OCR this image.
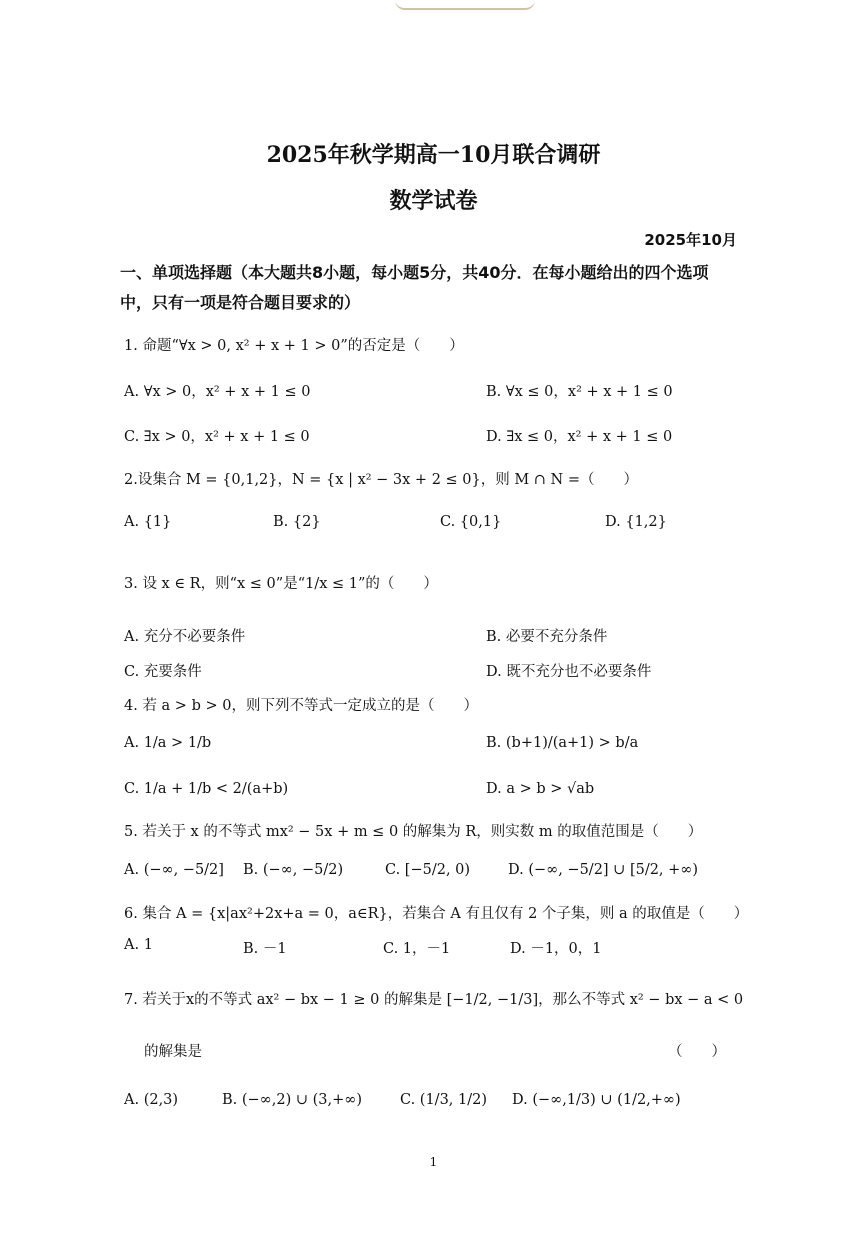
2025年秋学期高一10月联合调研
数学试卷
2025年10月
一、单项选择题（本大题共8小题，每小题5分，共40分．在每小题给出的四个选项中，只有一项是符合题目要求的）
1. 命题“∀x > 0, x² + x + 1 > 0”的否定是（　　）
A. ∀x > 0，x² + x + 1 ≤ 0	B. ∀x ≤ 0，x² + x + 1 ≤ 0
C. ∃x > 0，x² + x + 1 ≤ 0	D. ∃x ≤ 0，x² + x + 1 ≤ 0
2.设集合 M = {0,1,2}，N = {x | x² − 3x + 2 ≤ 0}，则 M ∩ N =（　　）
A. {1}	B. {2}	C. {0,1}	D. {1,2}
3. 设 x ∈ R，则“x ≤ 0”是“1/x ≤ 1”的（　　）
A. 充分不必要条件	B. 必要不充分条件
C. 充要条件	D. 既不充分也不必要条件
4. 若 a > b > 0，则下列不等式一定成立的是（　　）
A. 1/a > 1/b	B. (b+1)/(a+1) > b/a
C. 1/a + 1/b < 2/(a+b)	D. a > b > √ab
5. 若关于 x 的不等式 mx² − 5x + m ≤ 0 的解集为 R，则实数 m 的取值范围是（　　）
A. (−∞, −5/2] B. (−∞, −5/2)	C. [−5/2, 0)	D. (−∞, −5/2] ∪ [5/2, +∞)
6. 集合 A = {x|ax²+2x+a = 0，a∈R}，若集合 A 有且仅有 2 个子集，则 a 的取值是（　　）
A. 1	B. －1	C. 1，－1	D. －1，0，1
7. 若关于x的不等式 ax² − bx − 1 ≥ 0 的解集是 [−1/2, −1/3]，那么不等式 x² − bx − a < 0
的解集是	（　　）
A. (2,3)	B. (−∞,2) ∪ (3,+∞)	C. (1/3, 1/2) D. (−∞,1/3) ∪ (1/2,+∞)
1
